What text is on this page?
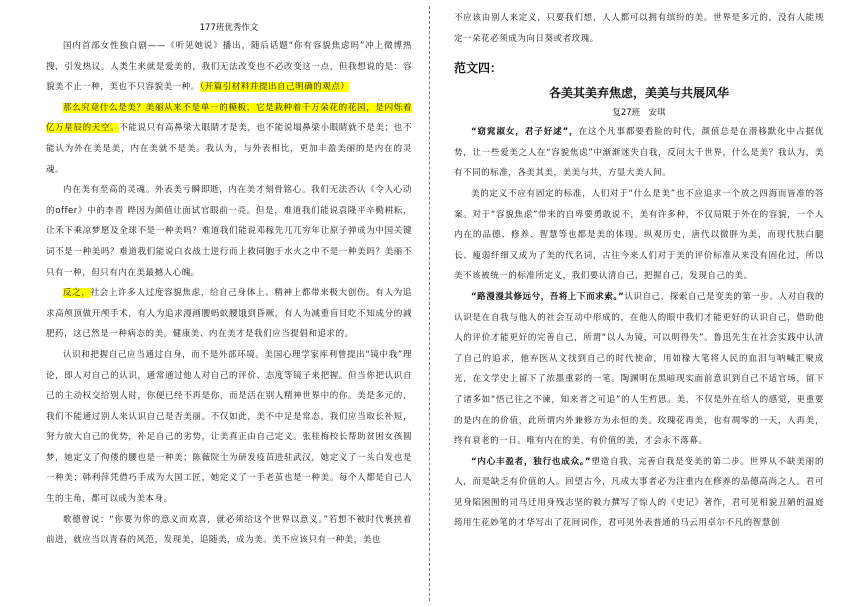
177班优秀作文

国内首部女性独白剧——《听见她说》播出，随后话题“你有容貌焦虑吗”冲上微博热搜，引发热议。人类生来就是爱美的，我们无法改变也不必改变这一点，但我想说的是：容貌美不止一种，美也不只容貌美一种。（开篇引材料并提出自己明确的观点）

那么究竟什么是美？美丽从来不是单一的模板，它是栽种着千万朵花的花园，是闪烁着亿万星辰的天空。不能说只有高鼻梁大眼睛才是美，也不能说塌鼻梁小眼睛就不是美；也不能认为外在美是美，内在美就不是美。我认为，与外表相比，更加丰盈美丽的是内在的灵魂。

内在美有至高的灵魂。外表美亏瞬即逝，内在美才刻骨铭心。我们无法否认《令人心动的offer》中的李晋 晔因为颜值让面试官眼前一亮。但是，难道我们能说袁隆平辛勤耕耘，让禾下乘凉梦愿及全球不是一种美吗？难道我们能说邓稼先兀兀穷年让原子弹成为中国关键词不是一种美吗？难道我们能说白衣战士逆行而上救同胞于水火之中不是一种美吗？美丽不只有一种，但只有内在美最撼人心魄。

反之，社会上许多人过度容貌焦虑，给自己身体上、精神上都带来极大创伤。有人为追求高颅顶做开颅手术，有人为追求漫画腰蚂蚁腰饿到昏厥，有人为减重盲目吃不知成分的减肥药，这已然是一种病态的美。健康美、内在美才是我们应当提倡和追求的。

认识和把握自己应当通过自身，而不是外部环境。美国心理学家库利曾提出“镜中我”理论，即人对自己的认识，通常通过他人对自己的评价、态度等镜子来把握。但当你把认识自己的主动权交给别人时，你便已经不再是你，而是活在别人精神世界中的你。美是多元的，我们不能通过别人来认识自己是否美丽。不仅如此，美不中足是常态，我们应当取长补短，努力放大自己的优势，补足自己的劣势，让美真正由自己定义。张桂梅校长帮助贫困女孩圆梦，她定义了佝偻的腰也是一种美；陈薇院士为研发疫苗进驻武汉，她定义了一头白发也是一种美；韩利萍凭借巧手成为大国工匠，她定义了一手老茧也是一种美。每个人都是自己人生的主角，都可以成为美本身。

歌德曾说：“你要为你的意义而欢喜，就必须给这个世界以意义。”若想不被时代裹挟着前进，就应当以青春的风范，发现美，追随美，成为美。美不应该只有一种美，美也

不应该由别人来定义，只要我们想，人人都可以拥有缤纷的美。世界是多元的，没有人能规定一朵花必须成为向日葵或者玫瑰。

范文四：
各美其美弃焦虑，美美与共展风华
复27班　安琪

“窈窕淑女，君子好逑”，在这个凡事都要看脸的时代，颜值总是在潜移默化中占据优势，让一些爱美之人在“容貌焦虑”中渐渐迷失自我，反问大千世界，什么是美？我认为，美有不同的标准，各美其美，美美与共，方显大美人间。

美的定义不应有固定的标准，人们对于“什么是美”也不应追求一个放之四海而皆准的答案。对于“容貌焦虑”带来的自卑要勇敢说不，美有许多种，不仅局限于外在的容貌，一个人内在的品德、修养、智慧等也都是美的体现。纵观历史，唐代以微胖为美，而现代肤白腿长、瘦弱纤细又成为了美的代名词，古往今来人们对于美的评价标准从来没有固化过，所以美不该被统一的标准所定义，我们要认清自己，把握自己，发现自己的美。

“路漫漫其修远兮，吾将上下而求索。”认识自己，探索自己是变美的第一步。人对自我的认识是在自我与他人的社会互动中形成的，在他人的眼中我们才能更好的认识自己，借助他人的评价才能更好的完善自己，所谓“以人为镜，可以明得失”。鲁迅先生在社会实践中认清了自己的追求，他弃医从文找到自己的时代使命，用如椽大笔将人民的血泪与呐喊汇聚成光，在文学史上留下了浓墨重彩的一笔。陶渊明在黑暗现实面前意识到自己不适官场，留下了诸多如“悟已往之不谏，知来者之可追”的人生哲思。美，不仅是外在给人的感觉，更重要的是内在的价值，此所谓内外兼修方为永恒的美。玫瑰花再美，也有凋零的一天，人再美，终有衰老的一日。唯有内在的美，有价值的美，才会永不落幕。

“内心丰盈者，独行也成众。”塑造自我，完善自我是变美的第二步。世界从不缺美丽的人，而是缺乏有价值的人。回望古今，凡成大事者必为注重内在修养的品德高尚之人。君可见身陷困囿的司马迁用身残志坚的毅力撰写了惊人的《史记》著作，君可见相貌丑陋的温庭筠用生花妙笔的才华写出了花间词作，君可见外表普通的马云用卓尔不凡的智慧创
